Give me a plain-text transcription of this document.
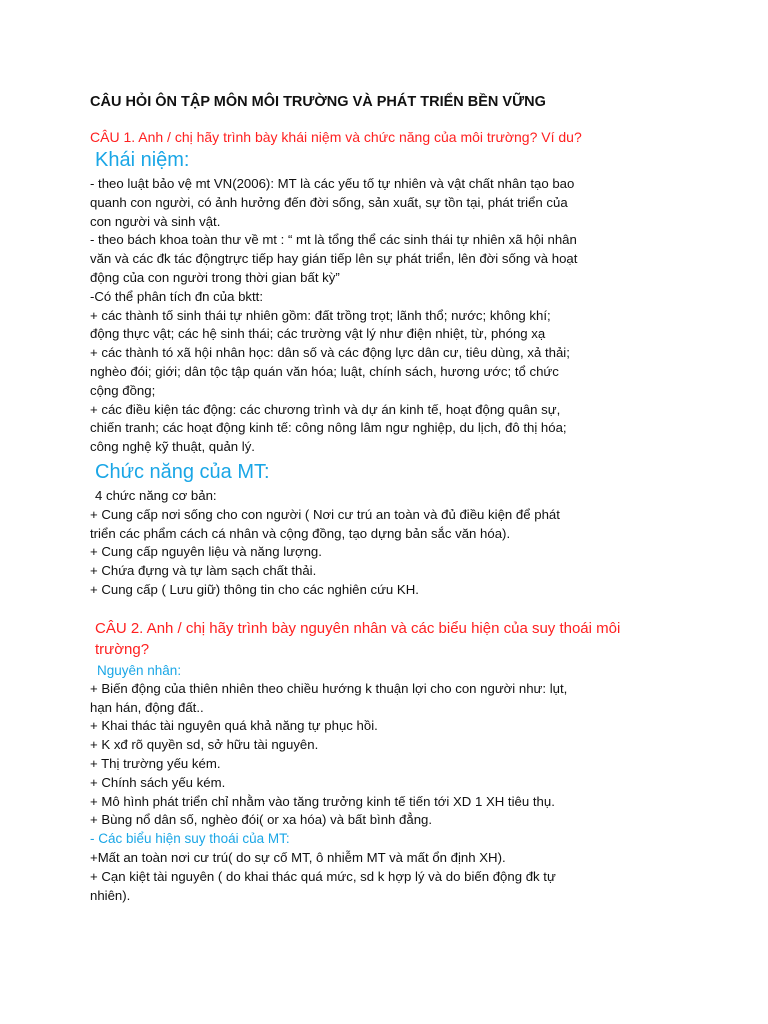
CÂU HỎI ÔN TẬP MÔN MÔI TRƯỜNG VÀ PHÁT TRIỂN BỀN VỮNG
CÂU 1. Anh / chị hãy trình bày khái niệm và chức năng của môi trường? Ví du?
Khái niệm:
- theo luật bảo vệ mt VN(2006): MT là các yếu tố tự nhiên và vật chất nhân tạo bao
quanh con người, có ảnh hưởng đến đời sống, sản xuất, sự tồn tại, phát triển của
con người và sinh vật.
- theo bách khoa toàn thư về mt : “ mt là tổng thể các sinh thái tự nhiên xã hội nhân
văn và các đk tác độngtrực tiếp hay gián tiếp lên sự phát triển, lên đời sống và hoạt
động của con người trong thời gian bất kỳ”
-Có thể phân tích đn của bktt:
+ các thành tố sinh thái tự nhiên gồm: đất trồng trọt; lãnh thổ; nước; không khí;
động thực vật; các hệ sinh thái; các trường vật lý như điện nhiệt, từ, phóng xạ
+ các thành tó xã hội nhân học: dân số và các động lực dân cư, tiêu dùng, xả thải;
nghèo đói; giới; dân tộc tập quán văn hóa; luật, chính sách, hương ước; tổ chức
cộng đồng;
+ các điều kiện tác động: các chương trình và dự án kinh tế, hoạt động quân sự,
chiến tranh; các hoạt động kinh tế: công nông lâm ngư nghiệp, du lịch, đô thị hóa;
công nghệ kỹ thuật, quản lý.
Chức năng của MT:
4 chức năng cơ bản:
+ Cung cấp nơi sống cho con người ( Nơi cư trú an toàn và đủ điều kiện để phát
triển các phẩm cách cá nhân và cộng đồng, tạo dựng bản sắc văn hóa).
+ Cung cấp nguyên liệu và năng lượng.
+ Chứa đựng và tự làm sạch chất thải.
+ Cung cấp ( Lưu giữ) thông tin cho các nghiên cứu KH.
CÂU 2. Anh / chị hãy trình bày nguyên nhân và các biểu hiện của suy thoái môi
trường?
Nguyên nhân:
+ Biến động của thiên nhiên theo chiều hướng k thuận lợi cho con người như: lụt,
hạn hán, động đất..
+ Khai thác tài nguyên quá khả năng tự phục hồi.
+ K xđ rõ quyền sd, sở hữu tài nguyên.
+ Thị trường yếu kém.
+ Chính sách yếu kém.
+ Mô hình phát triển chỉ nhằm vào tăng trưởng kinh tế tiến tới XD 1 XH tiêu thụ.
+ Bùng nổ dân số, nghèo đói( or xa hóa) và bất bình đẳng.
- Các biểu hiện suy thoái của MT:
+Mất an toàn nơi cư trú( do sự cố MT, ô nhiễm MT và mất ổn định XH).
+ Cạn kiệt tài nguyên ( do khai thác quá mức, sd k hợp lý và do biến động đk tự
nhiên).
